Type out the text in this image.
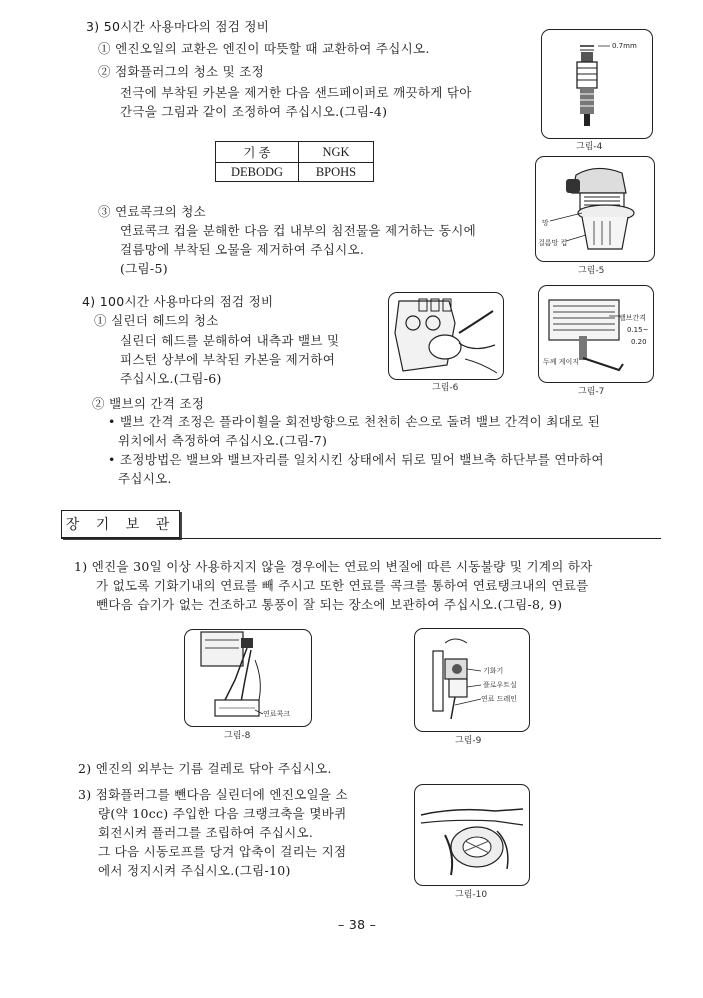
3) 50시간 사용마다의 점검 정비
① 엔진오일의 교환은 엔진이 따뜻할 때 교환하여 주십시오.
② 점화플러그의 청소 및 조정
전극에 부착된 카본을 제거한 다음 샌드페이퍼로 깨끗하게 닦아
간극을 그림과 같이 조정하여 주십시오.(그림-4)
기 종	NGK
DEBODG	BPOHS
③ 연료콕크의 청소
연료콕크 컵을 분해한 다음 컵 내부의 침전물을 제거하는 동시에
걸름망에 부착된 오물을 제거하여 주십시오.
(그림-5)
0.7mm
그림-4
망
걸름망 컵
그림-5
4) 100시간 사용마다의 점검 정비
① 실린더 헤드의 청소
실린더 헤드를 분해하여 내측과 밸브 및
피스턴 상부에 부착된 카본을 제거하여
주십시오.(그림-6)
그림-6
밸브간격
0.15~
0.20
두께 게이지
그림-7
② 밸브의 간격 조정
• 밸브 간격 조정은 플라이휠을 회전방향으로 천천히 손으로 돌려 밸브 간격이 최대로 된
위치에서 측정하여 주십시오.(그림-7)
• 조정방법은 밸브와 밸브자리를 일치시킨 상태에서 뒤로 밀어 밸브축 하단부를 연마하여
주십시오.
장 기 보 관
1) 엔진을 30일 이상 사용하지지 않을 경우에는 연료의 변질에 따른 시동불량 및 기계의 하자
가 없도록 기화기내의 연료를 빼 주시고 또한 연료를 콕크를 통하여 연료탱크내의 연료를
뺀다음 습기가 없는 건조하고 통풍이 잘 되는 장소에 보관하여 주십시오.(그림-8, 9)
연료콕크
그림-8
기화기
플로우트실
연료 드레인
그림-9
2) 엔진의 외부는 기름 걸레로 닦아 주십시오.
3) 점화플러그를 뺀다음 실린더에 엔진오일을 소
량(약 10cc) 주입한 다음 크랭크축을 몇바퀴
회전시켜 플러그를 조립하여 주십시오.
그 다음 시동로프를 당겨 압축이 걸리는 지점
에서 정지시켜 주십시오.(그림-10)
그림-10
– 38 –
